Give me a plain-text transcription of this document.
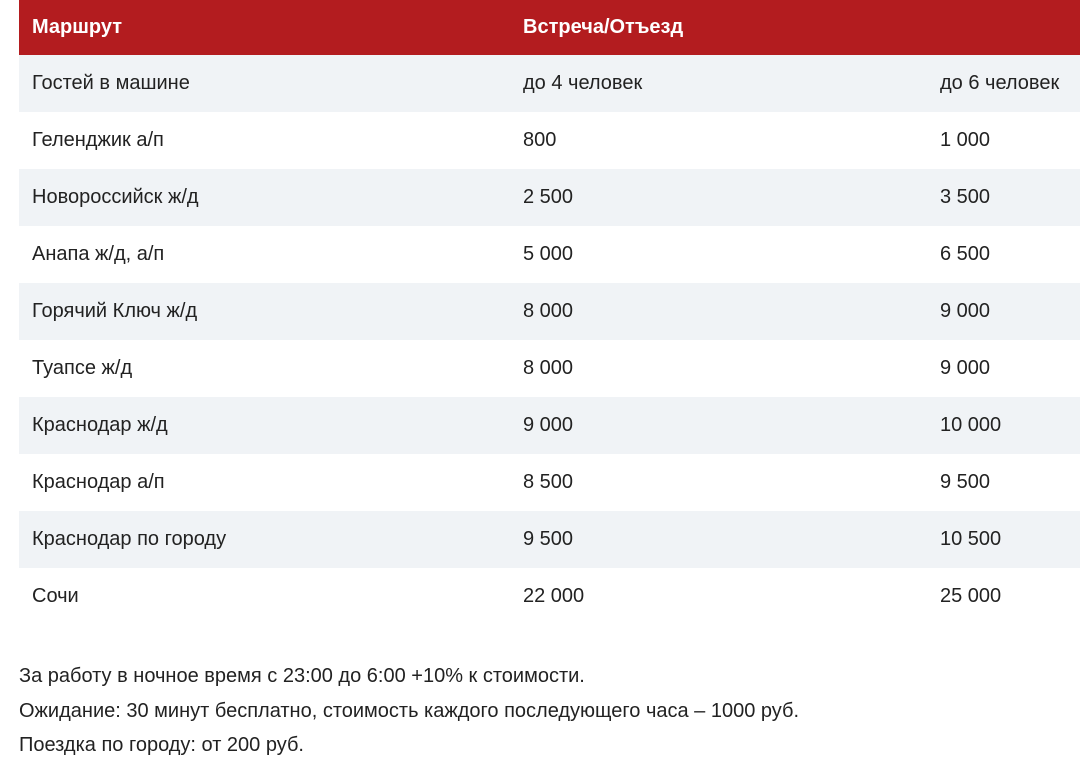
Маршрут	Встреча/Отъезд	
Гостей в машине	до 4 человек	до 6 человек
Геленджик а/п	800	1 000
Новороссийск ж/д	2 500	3 500
Анапа ж/д, а/п	5 000	6 500
Горячий Ключ ж/д	8 000	9 000
Туапсе ж/д	8 000	9 000
Краснодар ж/д	9 000	10 000
Краснодар а/п	8 500	9 500
Краснодар по городу	9 500	10 500
Сочи	22 000	25 000

За работу в ночное время с 23:00 до 6:00 +10% к стоимости.

Ожидание: 30 минут бесплатно, стоимость каждого последующего часа – 1000 руб.

Поездка по городу: от 200 руб.
